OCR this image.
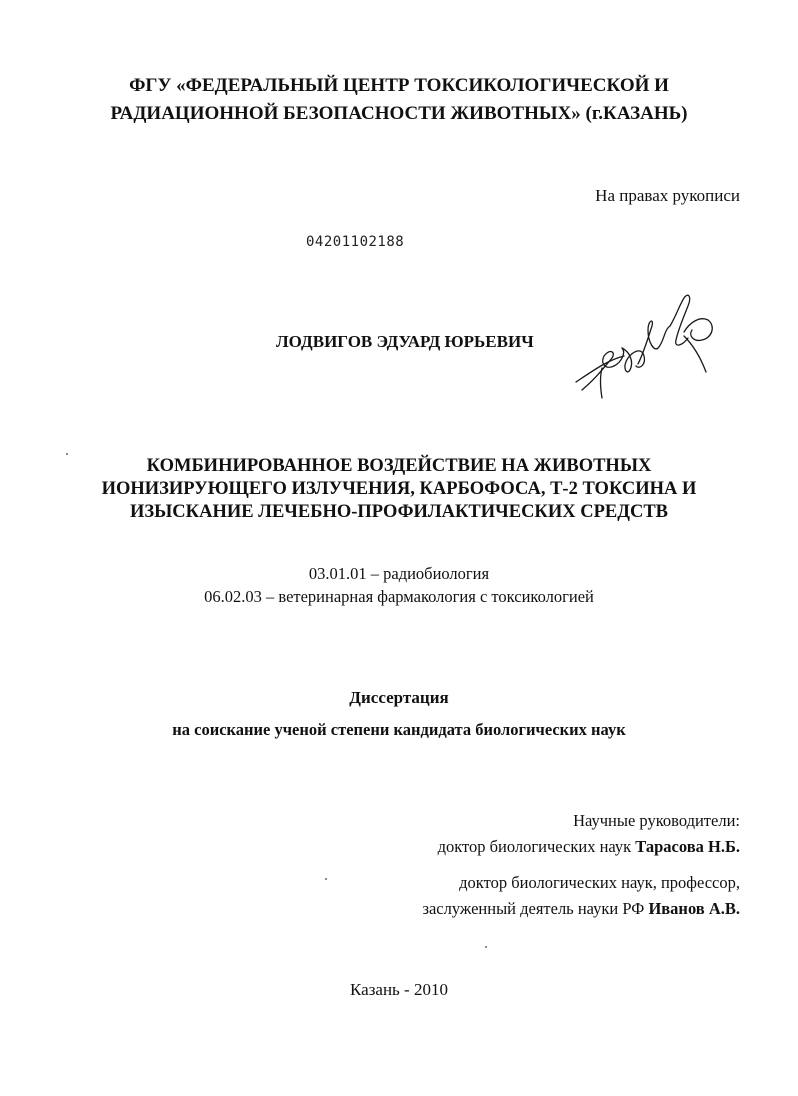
ФГУ «ФЕДЕРАЛЬНЫЙ ЦЕНТР ТОКСИКОЛОГИЧЕСКОЙ И
РАДИАЦИОННОЙ БЕЗОПАСНОСТИ ЖИВОТНЫХ» (г.КАЗАНЬ)
На правах рукописи
04201102188
ЛОДВИГОВ ЭДУАРД ЮРЬЕВИЧ
КОМБИНИРОВАННОЕ ВОЗДЕЙСТВИЕ НА ЖИВОТНЫХ
ИОНИЗИРУЮЩЕГО ИЗЛУЧЕНИЯ, КАРБОФОСА, Т-2 ТОКСИНА И
ИЗЫСКАНИЕ ЛЕЧЕБНО-ПРОФИЛАКТИЧЕСКИХ СРЕДСТВ
03.01.01 – радиобиология
06.02.03 – ветеринарная фармакология с токсикологией
Диссертация
на соискание ученой степени кандидата биологических наук
Научные руководители:
доктор биологических наук Тарасова Н.Б.
доктор биологических наук, профессор,
заслуженный деятель науки РФ Иванов А.В.
Казань - 2010
